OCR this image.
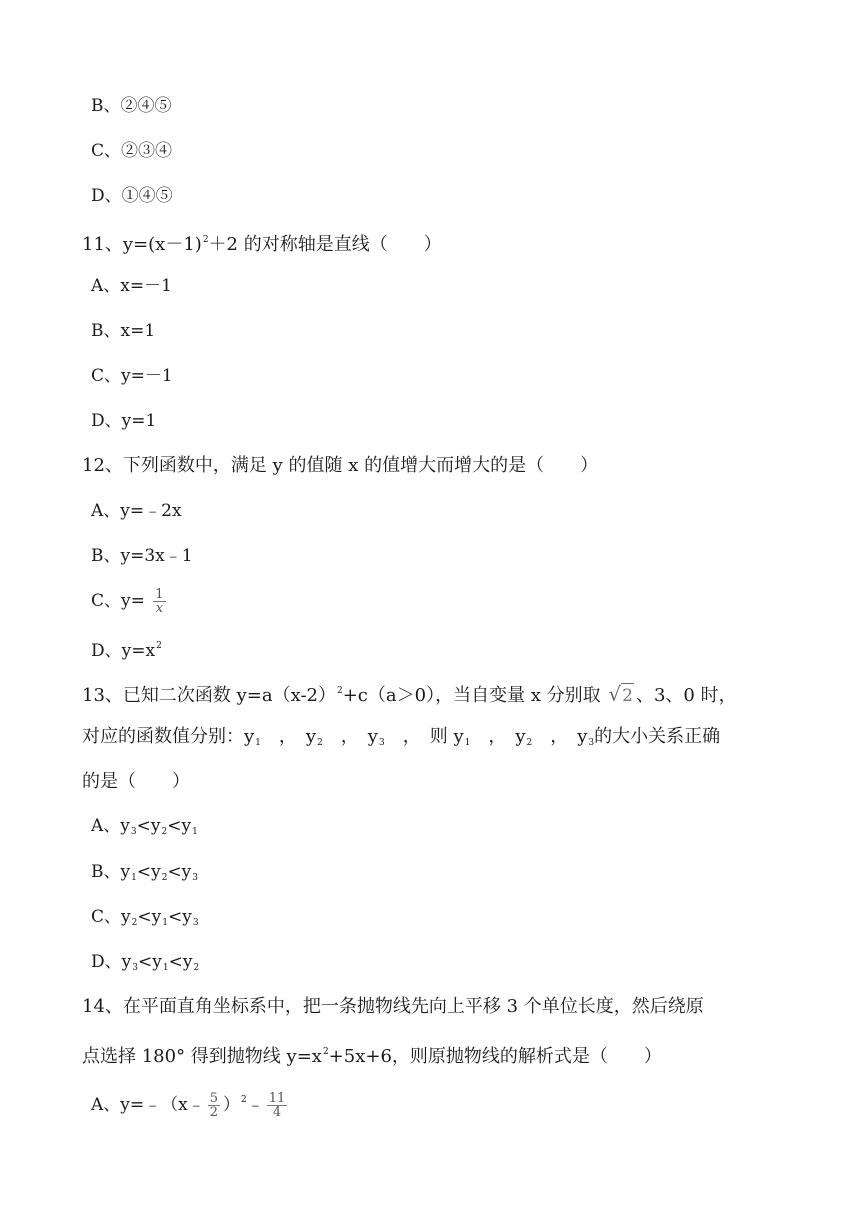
B、②④⑤
C、②③④
D、①④⑤
11、$y=(x-1)^2+2$ 的对称轴是直线（　　）
A、x=－1
B、x=1
C、y=－1
D、y=1
12、下列函数中，满足 y 的值随 x 的值增大而增大的是（　　）
A、y=﹣2x
B、y=3x﹣1
C、$y= \frac{1}{x}$
D、$y=x^2$
13、已知二次函数 $y=a(x-2)^2+c(a>0)$，当自变量 x 分别取 √2 、3、0 时，
对应的函数值分别：$y_1$　，　$y_2$　，　$y_3$　，　则 $y_1$　，　$y_2$　，　$y_3$的大小关系正确
的是（　　）
A、$y_3<y_2<y_1$
B、$y_1<y_2<y_3$
C、$y_2<y_1<y_3$
D、$y_3<y_1<y_2$
14、在平面直角坐标系中，把一条抛物线先向上平移 3 个单位长度，然后绕原
点选择 180° 得到抛物线 $y=x^2+5x+6$，则原抛物线的解析式是（　　）
A、y=﹣（x﹣ $\frac{5}{2}$ ）$^2$﹣ $\frac{11}{4}$
